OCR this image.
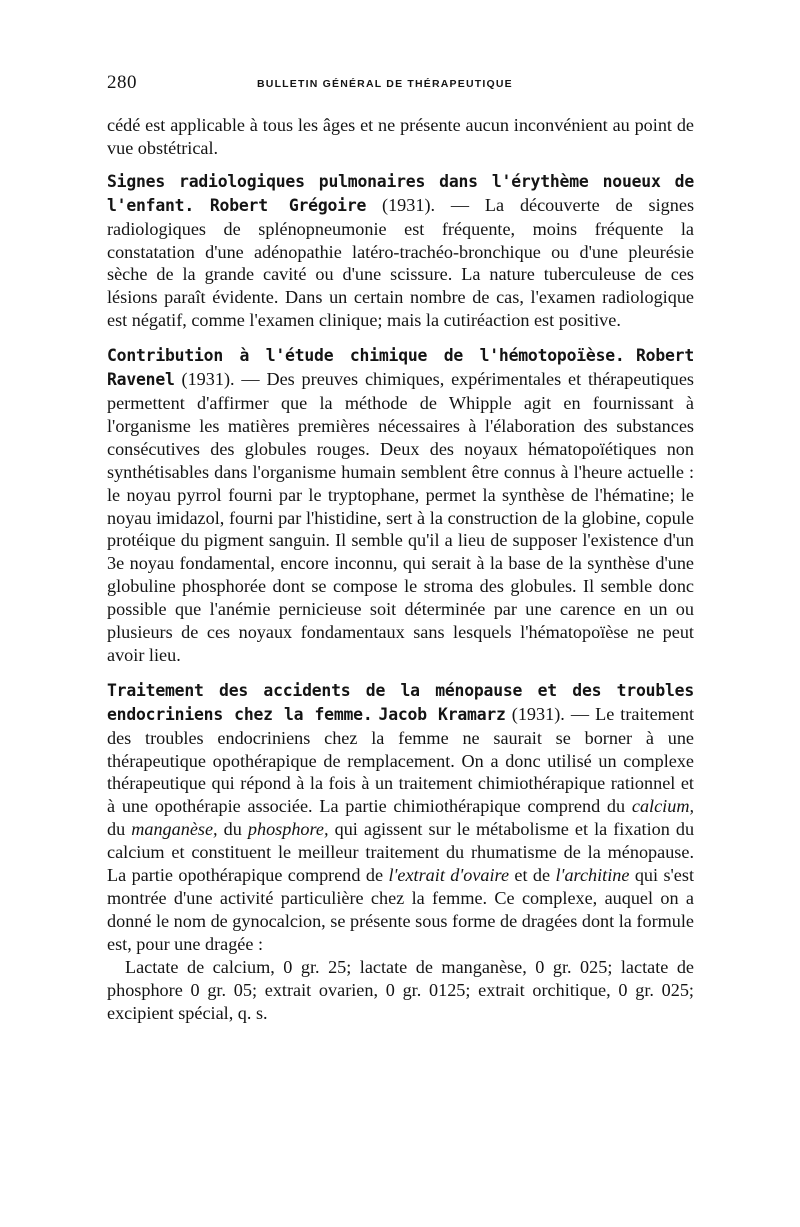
280	BULLETIN GÉNÉRAL DE THÉRAPEUTIQUE

cédé est applicable à tous les âges et ne présente aucun inconvénient au point de vue obstétrical.

Signes radiologiques pulmonaires dans l'érythème noueux de l'enfant. Robert Grégoire (1931). — La découverte de signes radiologiques de splénopneumonie est fréquente, moins fréquente la constatation d'une adénopathie latéro-trachéo-bronchique ou d'une pleurésie sèche de la grande cavité ou d'une scissure. La nature tuberculeuse de ces lésions paraît évidente. Dans un certain nombre de cas, l'examen radiologique est négatif, comme l'examen clinique; mais la cutiréaction est positive.

Contribution à l'étude chimique de l'hémotopoïèse. Robert Ravenel (1931). — Des preuves chimiques, expérimentales et thérapeutiques permettent d'affirmer que la méthode de Whipple agit en fournissant à l'organisme les matières premières nécessaires à l'élaboration des substances consécutives des globules rouges. Deux des noyaux hématopoïétiques non synthétisables dans l'organisme humain semblent être connus à l'heure actuelle : le noyau pyrrol fourni par le tryptophane, permet la synthèse de l'hématine; le noyau imidazol, fourni par l'histidine, sert à la construction de la globine, copule protéique du pigment sanguin. Il semble qu'il a lieu de supposer l'existence d'un 3e noyau fondamental, encore inconnu, qui serait à la base de la synthèse d'une globuline phosphorée dont se compose le stroma des globules. Il semble donc possible que l'anémie pernicieuse soit déterminée par une carence en un ou plusieurs de ces noyaux fondamentaux sans lesquels l'hématopoïèse ne peut avoir lieu.

Traitement des accidents de la ménopause et des troubles endocriniens chez la femme. Jacob Kramarz (1931). — Le traitement des troubles endocriniens chez la femme ne saurait se borner à une thérapeutique opothérapique de remplacement. On a donc utilisé un complexe thérapeutique qui répond à la fois à un traitement chimiothérapique rationnel et à une opothérapie associée. La partie chimiothérapique comprend du calcium, du manganèse, du phosphore, qui agissent sur le métabolisme et la fixation du calcium et constituent le meilleur traitement du rhumatisme de la ménopause. La partie opothérapique comprend de l'extrait d'ovaire et de l'architine qui s'est montrée d'une activité particulière chez la femme. Ce complexe, auquel on a donné le nom de gynocalcion, se présente sous forme de dragées dont la formule est, pour une dragée :

Lactate de calcium, 0 gr. 25; lactate de manganèse, 0 gr. 025; lactate de phosphore 0 gr. 05; extrait ovarien, 0 gr. 0125; extrait orchitique, 0 gr. 025; excipient spécial, q. s.
